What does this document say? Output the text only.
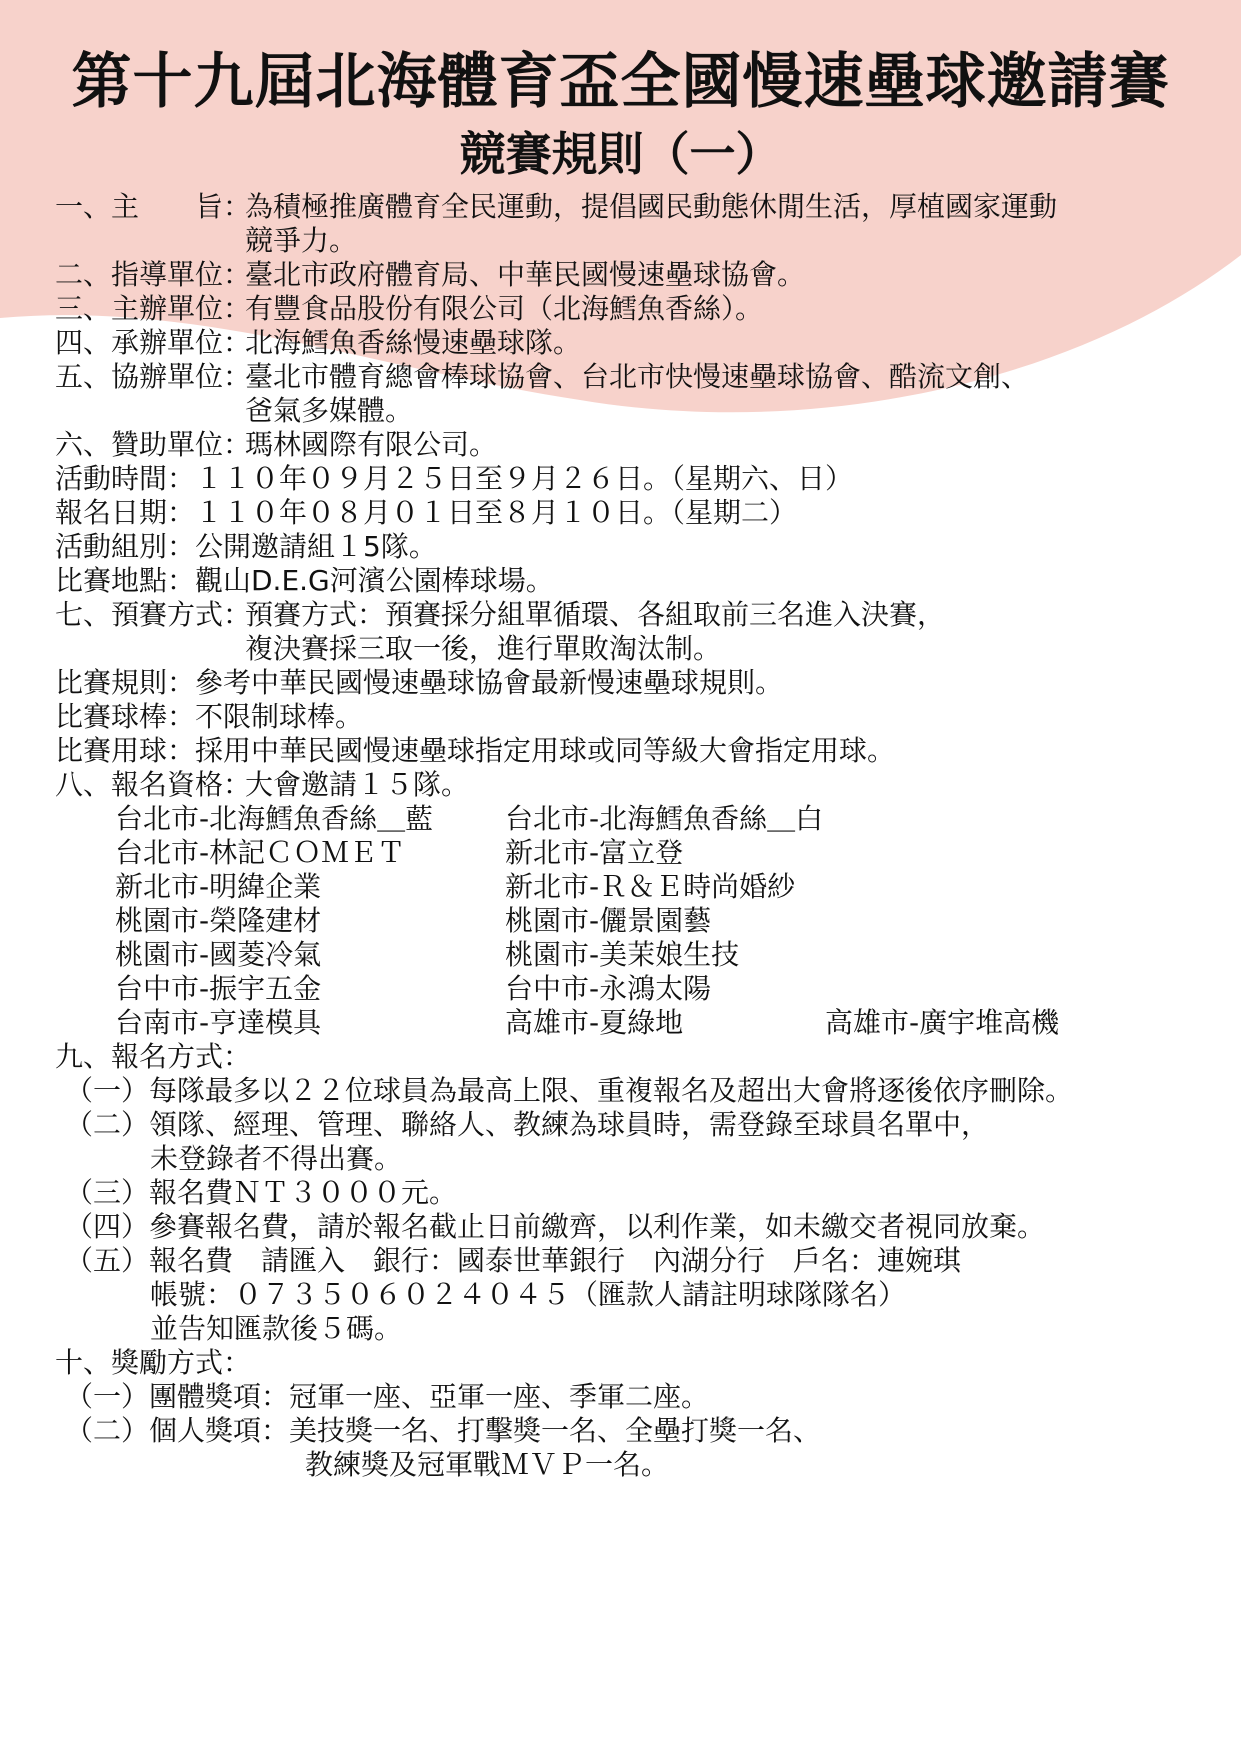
第十九屆北海體育盃全國慢速壘球邀請賽
競賽規則（一）
一、主　　旨：
為積極推廣體育全民運動，提倡國民動態休閒生活，厚植國家運動
競爭力。
二、指導單位：
臺北市政府體育局、中華民國慢速壘球協會。
三、主辦單位：
有豐食品股份有限公司（北海鱈魚香絲）。
四、承辦單位：
北海鱈魚香絲慢速壘球隊。
五、協辦單位：
臺北市體育總會棒球協會、台北市快慢速壘球協會、酷流文創、
爸氣多媒體。
六、贊助單位：
瑪林國際有限公司。
活動時間：１１０年０９月２５日至９月２６日。（星期六、日）
報名日期：１１０年０８月０１日至８月１０日。（星期二）
活動組別：公開邀請組１5隊。
比賽地點：觀山D.E.G河濱公園棒球場。
七、預賽方式：
預賽方式：預賽採分組單循環、各組取前三名進入決賽，
複決賽採三取一後，進行單敗淘汰制。
比賽規則：參考中華民國慢速壘球協會最新慢速壘球規則。
比賽球棒：不限制球棒。
比賽用球：採用中華民國慢速壘球指定用球或同等級大會指定用球。
八、報名資格：
大會邀請１５隊。
台北市-北海鱈魚香絲＿藍	台北市-北海鱈魚香絲＿白
台北市-林記ＣＯＭＥＴ	新北市-富立登
新北市-明緯企業	新北市-Ｒ＆Ｅ時尚婚紗
桃園市-榮隆建材	桃園市-儷景園藝
桃園市-國菱冷氣	桃園市-美茉娘生技
台中市-振宇五金	台中市-永鴻太陽
台南市-亨達模具	高雄市-夏綠地	高雄市-廣宇堆高機
九、報名方式：
（一）每隊最多以２２位球員為最高上限、重複報名及超出大會將逐後依序刪除。
（二）領隊、經理、管理、聯絡人、教練為球員時，需登錄至球員名單中，
未登錄者不得出賽。
（三）報名費ＮＴ３０００元。
（四）參賽報名費，請於報名截止日前繳齊，以利作業，如未繳交者視同放棄。
（五）報名費　請匯入　銀行：國泰世華銀行　內湖分行　戶名：連婉琪
帳號：０７３５０６０２４０４５（匯款人請註明球隊隊名）
並告知匯款後５碼。
十、獎勵方式：
（一）團體獎項：冠軍一座、亞軍一座、季軍二座。
（二）個人獎項：美技獎一名、打擊獎一名、全壘打獎一名、
教練獎及冠軍戰ＭＶＰ一名。
